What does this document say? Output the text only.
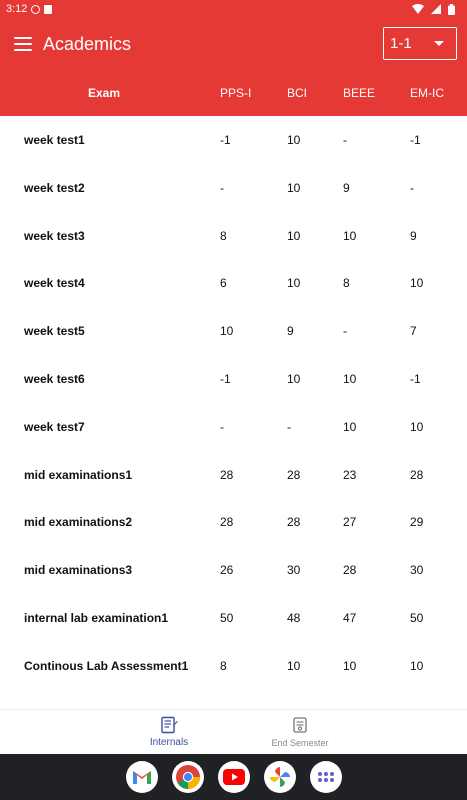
3:12
Academics	1-1
Exam	PPS-I	BCI	BEEE	EM-IC
week test1	-1	10	-	-1
week test2	-	10	9	-
week test3	8	10	10	9
week test4	6	10	8	10
week test5	10	9	-	7
week test6	-1	10	10	-1
week test7	-	-	10	10
mid examinations1	28	28	23	28
mid examinations2	28	28	27	29
mid examinations3	26	30	28	30
internal lab examination1	50	48	47	50
Continous Lab Assessment1	8	10	10	10
Internals	End Semester
